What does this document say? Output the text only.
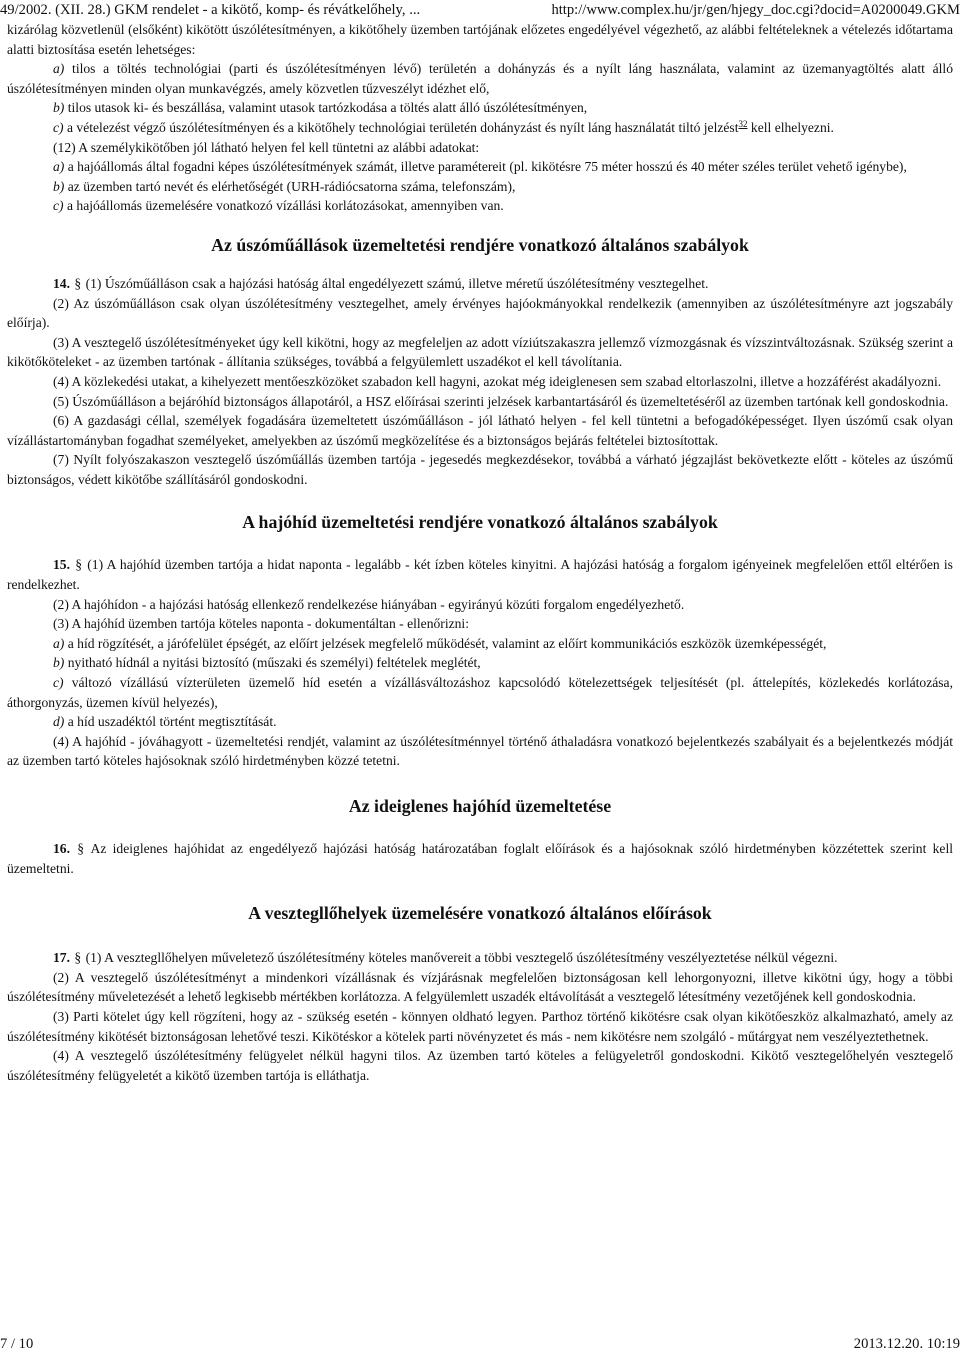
49/2002. (XII. 28.) GKM rendelet - a kikötő, komp- és révátkelőhely, ...	http://www.complex.hu/jr/gen/hjegy_doc.cgi?docid=A0200049.GKM

kizárólag közvetlenül (elsőként) kikötött úszólétesítményen, a kikötőhely üzemben tartójának előzetes engedélyével végezhető, az alábbi feltételeknek a vételezés időtartama alatti biztosítása esetén lehetséges:

a) tilos a töltés technológiai (parti és úszólétesítményen lévő) területén a dohányzás és a nyílt láng használata, valamint az üzemanyagtöltés alatt álló úszólétesítményen minden olyan munkavégzés, amely közvetlen tűzveszélyt idézhet elő,

b) tilos utasok ki- és beszállása, valamint utasok tartózkodása a töltés alatt álló úszólétesítményen,

c) a vételezést végző úszólétesítményen és a kikötőhely technológiai területén dohányzást és nyílt láng használatát tiltó jelzést$^{32}$ kell elhelyezni.

(12) A személykikötőben jól látható helyen fel kell tüntetni az alábbi adatokat:

a) a hajóállomás által fogadni képes úszólétesítmények számát, illetve paramétereit (pl. kikötésre 75 méter hosszú és 40 méter széles terület vehető igénybe),

b) az üzemben tartó nevét és elérhetőségét (URH-rádiócsatorna száma, telefonszám),

c) a hajóállomás üzemelésére vonatkozó vízállási korlátozásokat, amennyiben van.

Az úszóműállások üzemeltetési rendjére vonatkozó általános szabályok

14. § (1) Úszóműálláson csak a hajózási hatóság által engedélyezett számú, illetve méretű úszólétesítmény vesztegelhet.

(2) Az úszóműálláson csak olyan úszólétesítmény vesztegelhet, amely érvényes hajóokmányokkal rendelkezik (amennyiben az úszólétesítményre azt jogszabály előírja).

(3) A vesztegelő úszólétesítményeket úgy kell kikötni, hogy az megfeleljen az adott víziútszakaszra jellemző vízmozgásnak és vízszintváltozásnak. Szükség szerint a kikötőköteleket - az üzemben tartónak - állítania szükséges, továbbá a felgyülemlett uszadékot el kell távolítania.

(4) A közlekedési utakat, a kihelyezett mentőeszközöket szabadon kell hagyni, azokat még ideiglenesen sem szabad eltorlaszolni, illetve a hozzáférést akadályozni.

(5) Úszóműálláson a bejáróhíd biztonságos állapotáról, a HSZ előírásai szerinti jelzések karbantartásáról és üzemeltetéséről az üzemben tartónak kell gondoskodnia.

(6) A gazdasági céllal, személyek fogadására üzemeltetett úszóműálláson - jól látható helyen - fel kell tüntetni a befogadóképességet. Ilyen úszómű csak olyan vízállástartományban fogadhat személyeket, amelyekben az úszómű megközelítése és a biztonságos bejárás feltételei biztosítottak.

(7) Nyílt folyószakaszon vesztegelő úszóműállás üzemben tartója - jegesedés megkezdésekor, továbbá a várható jégzajlást bekövetkezte előtt - köteles az úszómű biztonságos, védett kikötőbe szállításáról gondoskodni.

A hajóhíd üzemeltetési rendjére vonatkozó általános szabályok

15. § (1) A hajóhíd üzemben tartója a hidat naponta - legalább - két ízben köteles kinyitni. A hajózási hatóság a forgalom igényeinek megfelelően ettől eltérően is rendelkezhet.

(2) A hajóhídon - a hajózási hatóság ellenkező rendelkezése hiányában - egyirányú közúti forgalom engedélyezhető.

(3) A hajóhíd üzemben tartója köteles naponta - dokumentáltan - ellenőrizni:

a) a híd rögzítését, a járófelület épségét, az előírt jelzések megfelelő működését, valamint az előírt kommunikációs eszközök üzemképességét,

b) nyitható hídnál a nyitási biztosító (műszaki és személyi) feltételek meglétét,

c) változó vízállású vízterületen üzemelő híd esetén a vízállásváltozáshoz kapcsolódó kötelezettségek teljesítését (pl. áttelepítés, közlekedés korlátozása, áthorgonyzás, üzemen kívül helyezés),

d) a híd uszadéktól történt megtisztítását.

(4) A hajóhíd - jóváhagyott - üzemeltetési rendjét, valamint az úszólétesítménnyel történő áthaladásra vonatkozó bejelentkezés szabályait és a bejelentkezés módját az üzemben tartó köteles hajósoknak szóló hirdetményben közzé tetetni.

Az ideiglenes hajóhíd üzemeltetése

16. § Az ideiglenes hajóhidat az engedélyező hajózási hatóság határozatában foglalt előírások és a hajósoknak szóló hirdetményben közzétettek szerint kell üzemeltetni.

A vesztegllőhelyek üzemelésére vonatkozó általános előírások

17. § (1) A vesztegllőhelyen műveletező úszólétesítmény köteles manővereit a többi vesztegelő úszólétesítmény veszélyeztetése nélkül végezni.

(2) A vesztegelő úszólétesítményt a mindenkori vízállásnak és vízjárásnak megfelelően biztonságosan kell lehorgonyozni, illetve kikötni úgy, hogy a többi úszólétesítmény műveletezését a lehető legkisebb mértékben korlátozza. A felgyülemlett uszadék eltávolítását a vesztegelő létesítmény vezetőjének kell gondoskodnia.

(3) Parti kötelet úgy kell rögzíteni, hogy az - szükség esetén - könnyen oldható legyen. Parthoz történő kikötésre csak olyan kikötőeszköz alkalmazható, amely az úszólétesítmény kikötését biztonságosan lehetővé teszi. Kikötéskor a kötelek parti növényzetet és más - nem kikötésre nem szolgáló - műtárgyat nem veszélyeztethetnek.

(4) A vesztegelő úszólétesítmény felügyelet nélkül hagyni tilos. Az üzemben tartó köteles a felügyeletről gondoskodni. Kikötő vesztegelőhelyén vesztegelő úszólétesítmény felügyeletét a kikötő üzemben tartója is elláthatja.

7 / 10	2013.12.20. 10:19
